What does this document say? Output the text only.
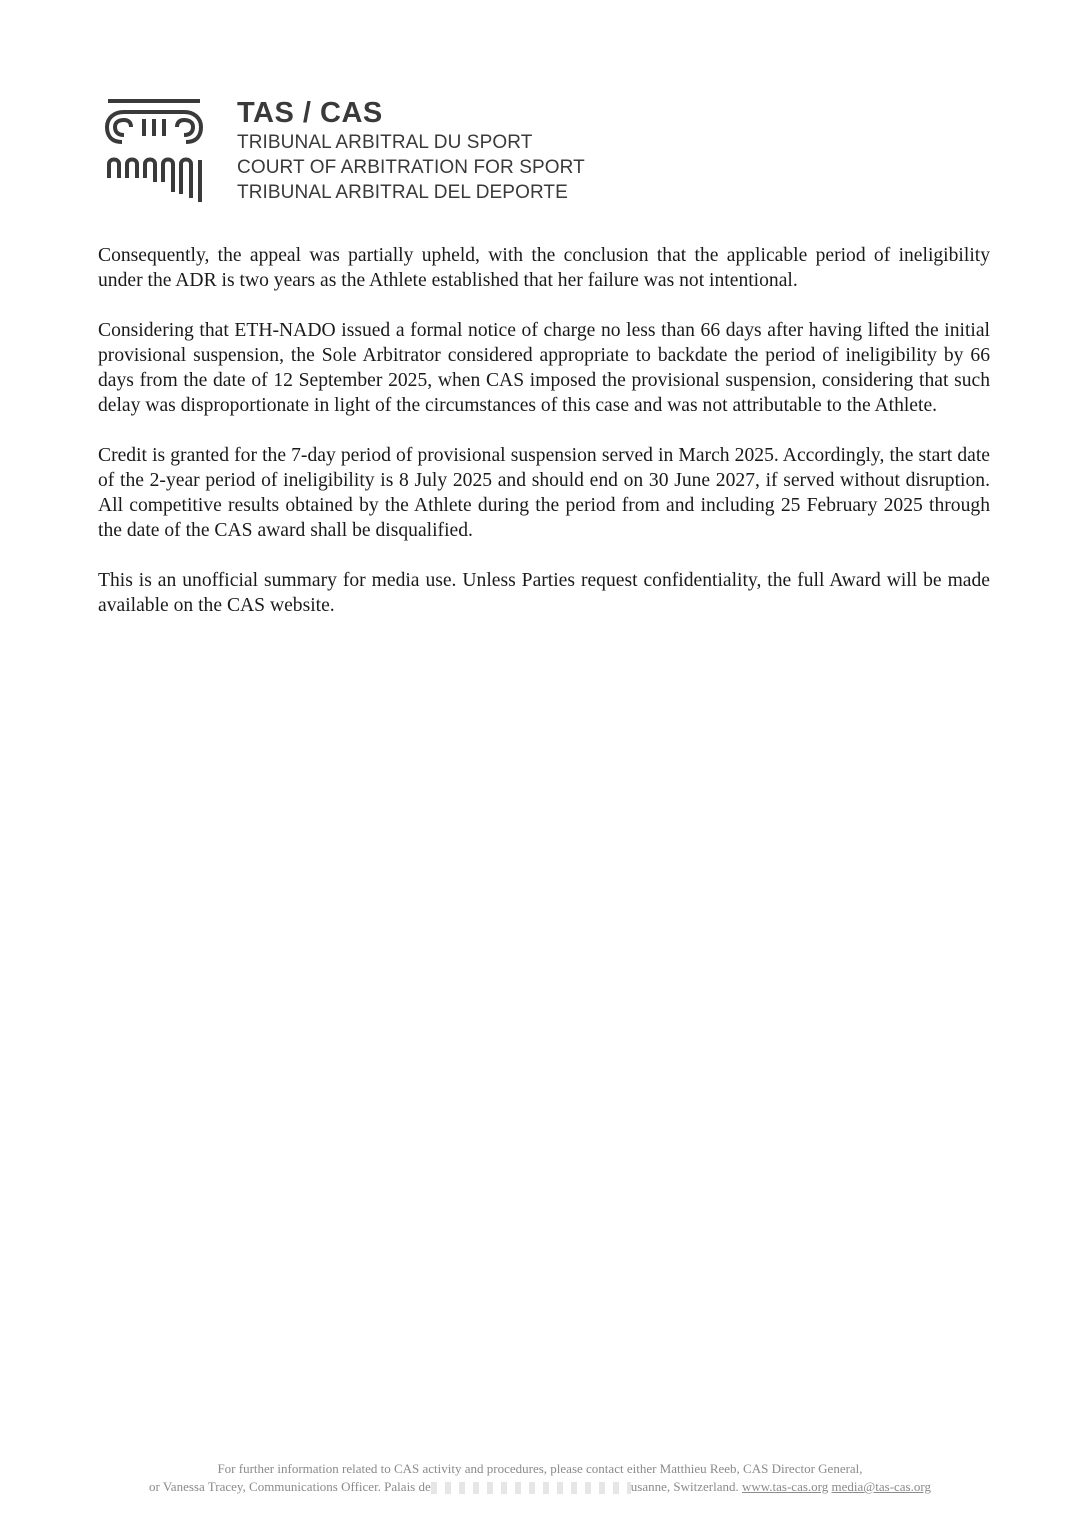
TAS / CAS
TRIBUNAL ARBITRAL DU SPORT
COURT OF ARBITRATION FOR SPORT
TRIBUNAL ARBITRAL DEL DEPORTE

Consequently, the appeal was partially upheld, with the conclusion that the applicable period of ineligibility under the ADR is two years as the Athlete established that her failure was not intentional.

Considering that ETH-NADO issued a formal notice of charge no less than 66 days after having lifted the initial provisional suspension, the Sole Arbitrator considered appropriate to backdate the period of ineligibility by 66 days from the date of 12 September 2025, when CAS imposed the provisional suspension, considering that such delay was disproportionate in light of the circumstances of this case and was not attributable to the Athlete.

Credit is granted for the 7-day period of provisional suspension served in March 2025. Accordingly, the start date of the 2-year period of ineligibility is 8 July 2025 and should end on 30 June 2027, if served without disruption. All competitive results obtained by the Athlete during the period from and including 25 February 2025 through the date of the CAS award shall be disqualified.

This is an unofficial summary for media use. Unless Parties request confidentiality, the full Award will be made available on the CAS website.

For further information related to CAS activity and procedures, please contact either Matthieu Reeb, CAS Director General,
or Vanessa Tracey, Communications Officer. Palais de	usanne, Switzerland. www.tas-cas.org media@tas-cas.org
